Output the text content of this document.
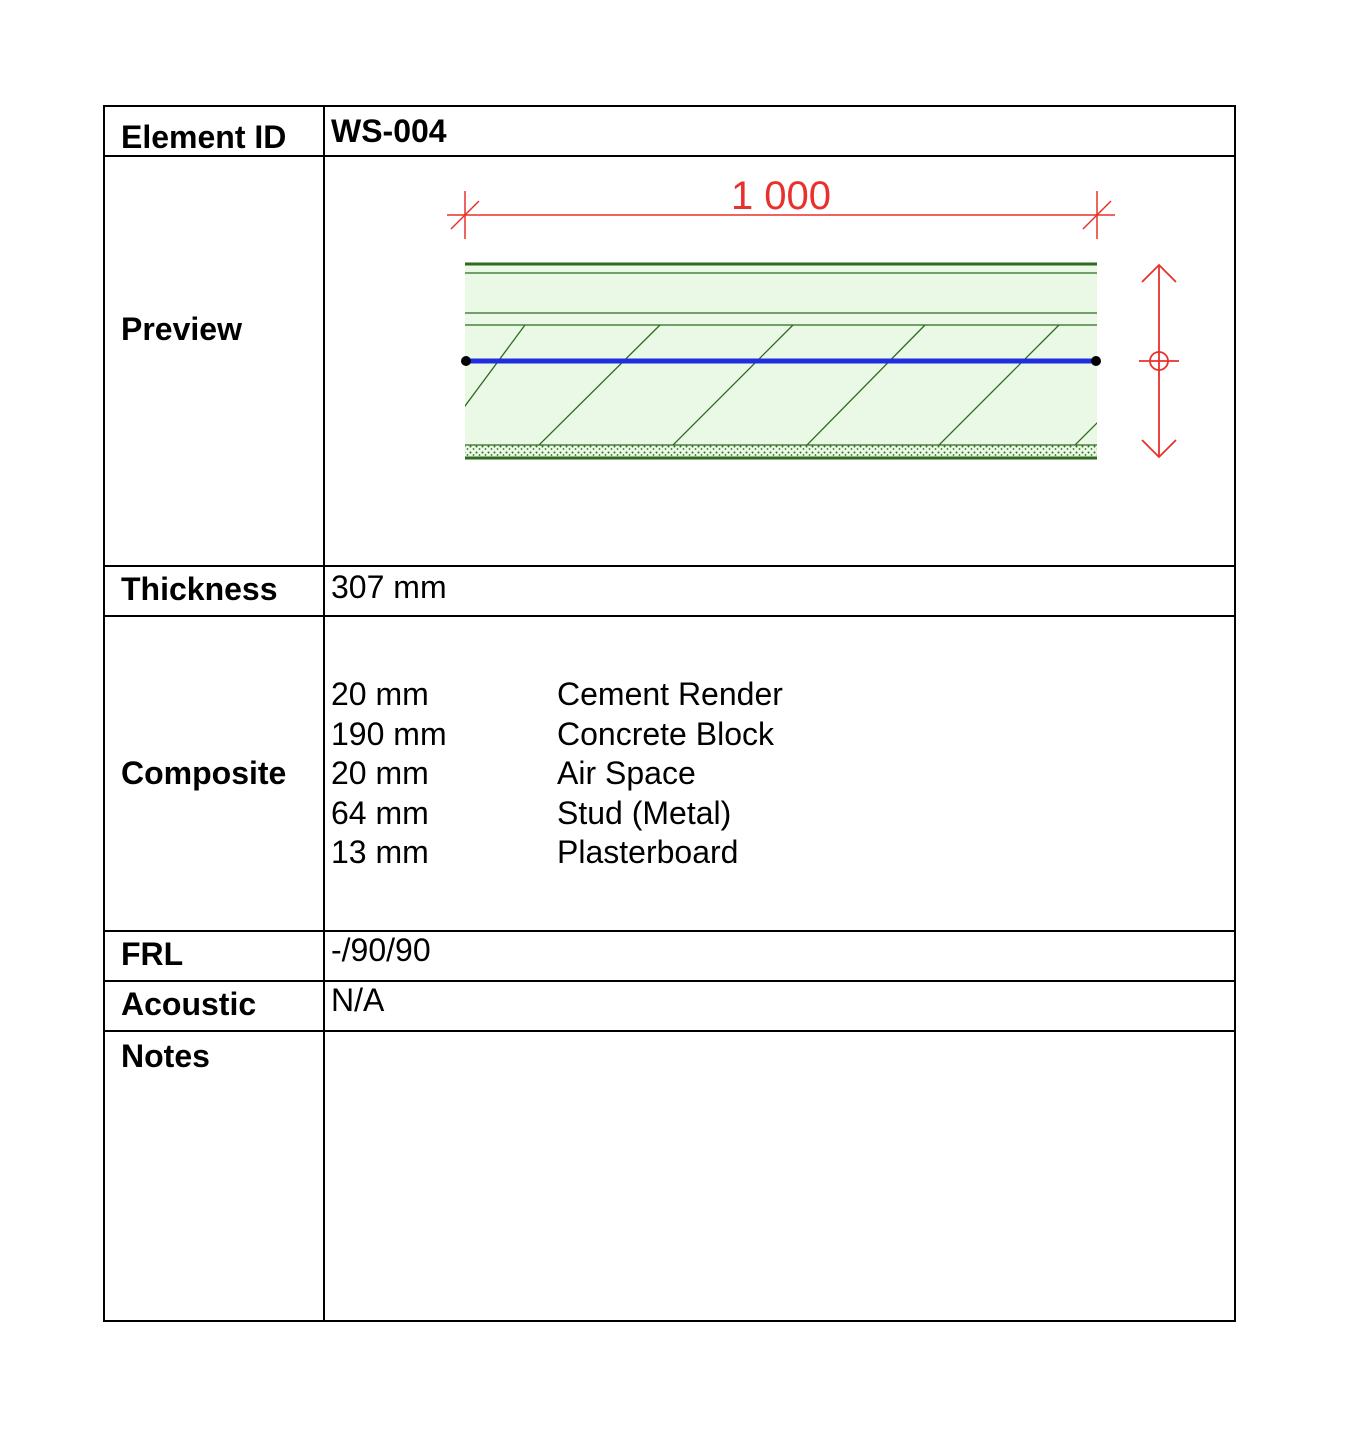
Element ID WS-004
Preview
1 000
Thickness 307 mm
Composite
20 mm	Cement Render
190 mm	Concrete Block
20 mm	Air Space
64 mm	Stud (Metal)
13 mm	Plasterboard
FRL	-/90/90
Acoustic N/A
Notes
